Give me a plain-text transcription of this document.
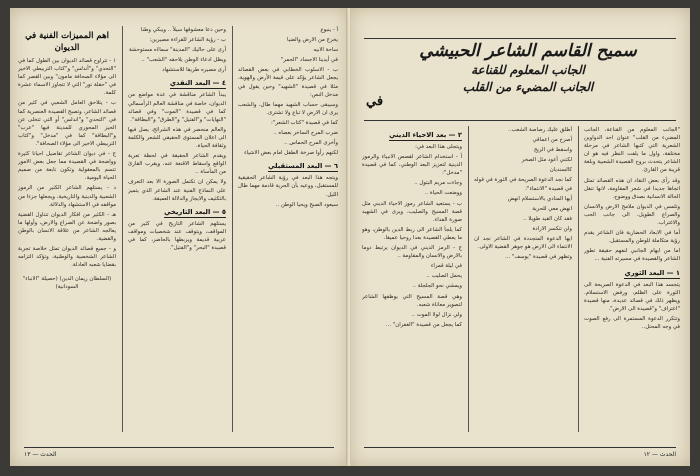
اهم المميزات الفنية في الديوان

١ - تتراوح قصائد الديوان بين الطول كما في "التحدي" و"أندلس" و"كتاب التربيطي الاخير الى مؤلاء الصحافة مامون" وبين القصر كما في "حقلة نور" التي لا تتجاوز الاسماء عشرة كلمة.

ب - يتلاحق العامل الشعبي في كثير من قصائد الشاعر، وتصبح القصيدة العنصرية كما في "التحدي" و"اندلس" أو التي تتخلى عن الحيز المحوري للمدينة فيها "عرب" و"البطاقة" كما في "مدخل" و"كتاب التربيطي الاخير الى مؤلاء الصحافة".

ج - في ديوان الشاعر تقاصيل احيانا كثيرة وواضحة في القصيدة مما جعل بعض الامور تتسم بالمعقولية وتكون نابعة من صميم الحياة اليومية.

د - يستلهم الشاعر الكثير من الرموز الشعبية والدينية والتاريخية، ويجعلها جزءا من مواقفه في الاستشهاد والدلالة.

هـ - الكثير من افكار الديوان تتناول القضية بصور واضحة عن الصراع والارض، وأولها ما يعالجه الشاعر من علاقة الانسان بالوطن والقضية.

و - جميع قصائد الديوان تمثل خلاصة تجربة الشاعر الشخصية والوطنية، وتؤكد التزامه بقضايا شعبه العادلة.

(السلطان ريمان الدين) (حصيلة "الانباء" السودانية)

وحين دعا معشوقها سيلاً .. ويبكي وطنا

ب - رؤية الشاعر للقراءة مصيرين:

أرى على حاليك "المدينة" سماءَه مستوحشة

ويظل ادعاء الوطن يلاحقه "الشعب" ..

أرى مصيره طريقا للاستشهاد

٤ — البعد النقدي

يبدأ الشاعر مناقشة في عدة مواضع من الديوان، خاصة في مناقشة العالم الرأسمالي كما في قصيدة "الموت" وفي قصائد "النهايات" و"الفتيل" و"الطرق" و"البطاقة".

والعالم منحصر في هذه الشرائح، يصل فيها الى اعلان المستوى الحقيقي للشعر والكلمة وثقافة الحياة.

ويقدم الشاعر الحقيقة في لحظة تعرية الواقع واسقاط الاقنعة عنه، ويقرب القارئ من المأساة ..

ولا يمكن ان تكتمل الصورة الا بعد التعرف على النماذج الفنية عند الشاعر الذي يتميز بالتكثيف والايجاز والدلالة العميقة.

٥ — البعد التاريخي

يستلهم الشاعر التاريخ في كثير من المواقف، ويتوقف عند شخصيات ومواقف عربية قديمة ويربطها بالحاضر، كما في قصيدة "البحر" و"الفتيل".

أ - ينبوع

يخرج من الارض والضيا

ساحة الابيه

في أيدينا الاجساد "الحمر"

ب - الاسلوب الخطابي في بعض القصائد يجعل الشاعر يؤكد على قيمة الأرض والهوية، مثلا في قصيدة "الشهيد" وحين يقول في مدخل النص:

وسيبقى حساب الشهيد مهما طال، والشعب يرى ان الارض لا تباع ولا تشترى.

كما في قصيدة "كتاب الشعر":

ضرب المرح الساخر بعصاه ..

وأخرى المرح الحماس ..

لكنهم رأوا صرخة الطفل امام بعض الاشياء

٦ — البعد المستقبلي

ويتجه هذا البعد في رؤية الشاعر الحقيقية للمستقبل، ووعيه بأن الحرية قادمة مهما طال الليل.

سيعود الصبح ويحيا الوطن ..

الحدث — ١٣
سميح القاسم الشاعر الحبيشي
الجانب المعلوم للقناعة
الجانب المضيء من القلب
في

"الجانب المعلوم من القناعة، الجانب المضيء من القلب" عنوان احد الدواوين الشعرية التي كتبها الشاعر في مرحلة مختلفة، واول ما يلفت النظر فيه هو ان الشاعر يتحدث بروح القصيدة الشعبية وبلغة قريبة من القارئ.

وقد رأى بعض النقاد ان هذه القصائد تمثل اتجاها جديدا في شعر المقاومة، لانها تنقل الحالة الانسانية بصدق ووضوح.

وتلمس في الديوان ملامح الارض والانسان والصراع الطويل، الى جانب الحب والاغتراب.

أما في الابعاد الحضارية فان الشاعر يقدم رؤية متكاملة للوطن والمستقبل.

اما من ايهام الجانبي لنفهم حقيقة تطور الشاعر والقصيدة في مسيرته الفنية ...

١ — البعد الثوري

يتجسد هذا البعد في الدعوة الصريحة الى الثورة على الظلم، ورفض الاستسلام. ويظهر ذلك في قصائد عديدة، منها قصيدة "اعتراف" و"قصيدة الى الارض".

وتتكرر الدعوة المستمرة الى رفع الصوت في وجه المحتل..

أطلق عليك رصاصة الشعب..

أصرخ من اعماقي

واسقط في الريح

لكنني أعود مثل الصخر

كالسنديان

كما نجد الدعوة الصريحة في الثورة في قوله في قصيدة "الانتماء":

أيها المنادي بالاستسلام انهض

انهض معي للحرية

فقد كان القيد طويلا ..

ولن تنكسر الارادة

ايها الدعوة المتجددة في الشاعر نجد ان الانتماء الى الارض هو جوهر القضية الاولى.

وتظهر في قصيدة "يوسف" ...

٢ — بعد الاحياء الديني

ويتجلى هذا البعد في:

أ - استخدام الشاعر لقصص الانبياء والرموز الدينية لتعزيز البعد الوطني، كما في قصيدة "مدخل":

وجاءت مريم البتول ..

ووضعت الحياة ..

ب - يستعيد الشاعر رموز الاحياء الديني مثل قصة المسيح والصليب، ويرى في الشهيد صورة الفداء.

كما يلجأ الشاعر الى ربط الدين بالوطن، وهو ما يعطي القصيدة بعدا روحيا عميقا.

ج - الرمز الديني في الديوان يرتبط دوما بالارض والانسان والمقاومة ..

في ليلة قمراء

يحمل الصليب ..

ويمشي نحو الجلجلة ..

وهي قصة المسيح التي يوظفها الشاعر لتصوير معاناة شعبه.

ولي نزال لولا الموت ..

كما يجعل من قصيدة "الغفران" ...

الحدث — ١٢
